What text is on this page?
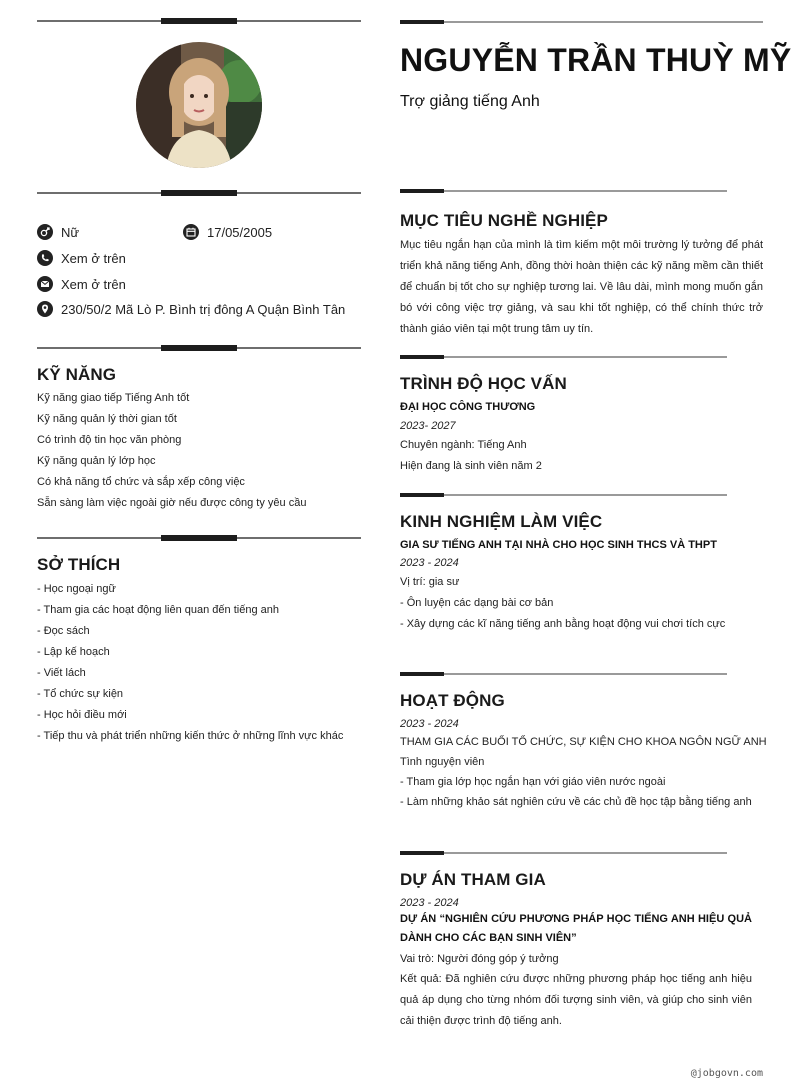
Nữ	17/05/2005
Xem ở trên
Xem ở trên
230/50/2 Mã Lò P. Bình trị đông A Quận Bình Tân
KỸ NĂNG
Kỹ năng giao tiếp Tiếng Anh tốt
Kỹ năng quản lý thời gian tốt
Có trình độ tin học văn phòng
Kỹ năng quản lý lớp học
Có khả năng tổ chức và sắp xếp công việc
Sẵn sàng làm việc ngoài giờ nếu được công ty yêu cầu
SỞ THÍCH
- Học ngoại ngữ
- Tham gia các hoạt động liên quan đến tiếng anh
- Đọc sách
- Lập kế hoạch
- Viết lách
- Tổ chức sự kiện
- Học hỏi điều mới
- Tiếp thu và phát triển những kiến thức ở những lĩnh vực khác
NGUYỄN TRẦN THUỲ MỸ
Trợ giảng tiếng Anh
MỤC TIÊU NGHỀ NGHIỆP
Mục tiêu ngắn hạn của mình là tìm kiếm một môi trường lý tưởng để phát triển khả năng tiếng Anh, đồng thời hoàn thiện các kỹ năng mềm cần thiết để chuẩn bị tốt cho sự nghiệp tương lai. Về lâu dài, mình mong muốn gắn bó với công việc trợ giảng, và sau khi tốt nghiệp, có thể chính thức trở thành giáo viên tại một trung tâm uy tín.
TRÌNH ĐỘ HỌC VẤN
ĐẠI HỌC CÔNG THƯƠNG
2023- 2027
Chuyên ngành: Tiếng Anh
Hiện đang là sinh viên năm 2
KINH NGHIỆM LÀM VIỆC
GIA SƯ TIẾNG ANH TẠI NHÀ CHO HỌC SINH THCS VÀ THPT
2023 - 2024
Vị trí: gia sư
- Ôn luyện các dạng bài cơ bản
- Xây dựng các kĩ năng tiếng anh bằng hoạt động vui chơi tích cực
HOẠT ĐỘNG
2023 - 2024
THAM GIA CÁC BUỔI TỔ CHỨC, SỰ KIỆN CHO KHOA NGÔN NGỮ ANH
Tình nguyện viên
- Tham gia lớp học ngắn hạn với giáo viên nước ngoài
- Làm những khảo sát nghiên cứu về các chủ đề học tập bằng tiếng anh
DỰ ÁN THAM GIA
2023 - 2024
DỰ ÁN “NGHIÊN CỨU PHƯƠNG PHÁP HỌC TIẾNG ANH HIỆU QUẢ DÀNH CHO CÁC BẠN SINH VIÊN”
Vai trò: Người đóng góp ý tưởng
Kết quả: Đã nghiên cứu được những phương pháp học tiếng anh hiệu quả áp dụng cho từng nhóm đối tượng sinh viên, và giúp cho sinh viên cải thiện được trình độ tiếng anh.
@jobgovn.com
